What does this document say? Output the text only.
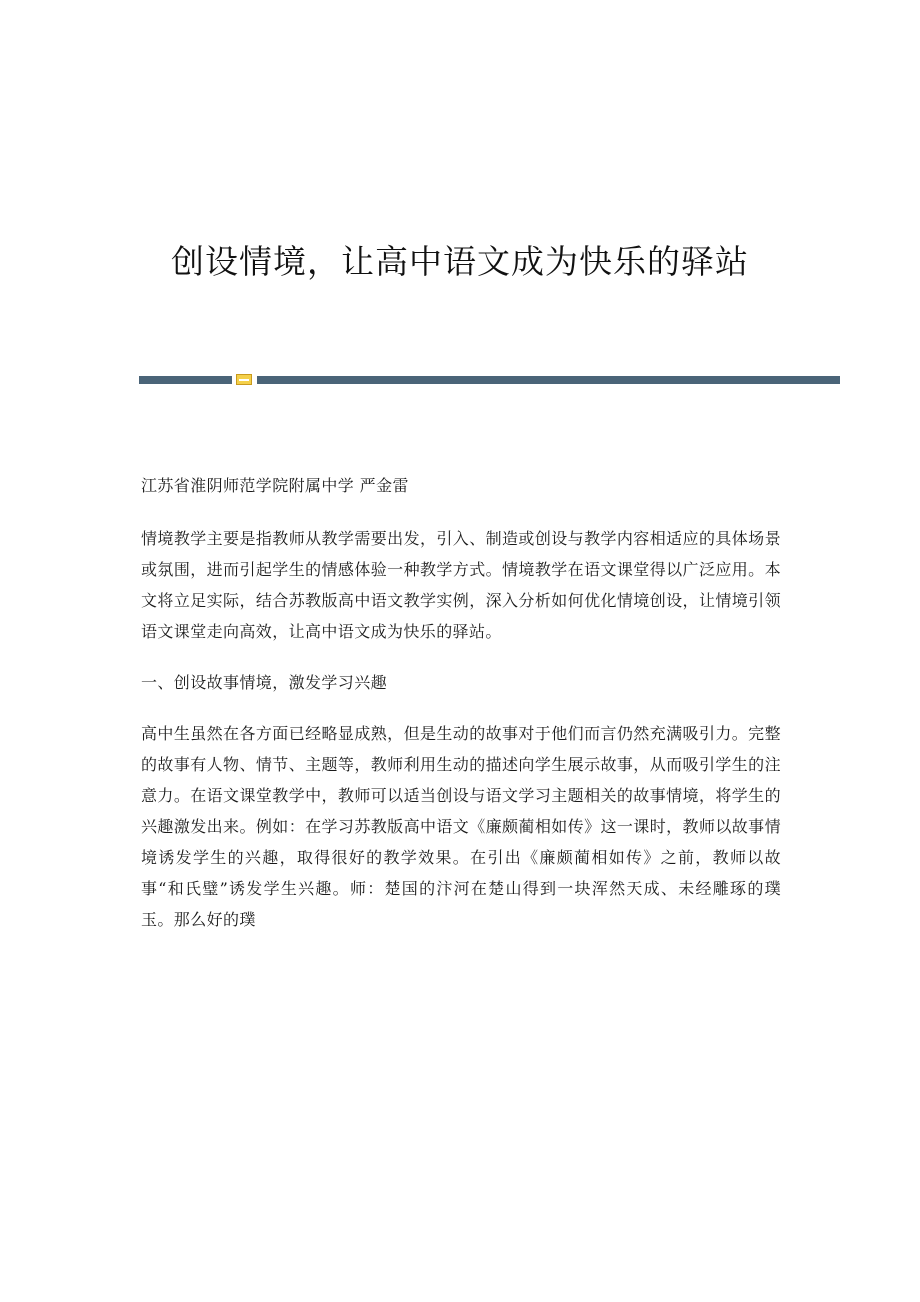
创设情境，让高中语文成为快乐的驿站

江苏省淮阴师范学院附属中学 严金雷

情境教学主要是指教师从教学需要出发，引入、制造或创设与教学内容相适应的具体场景或氛围，进而引起学生的情感体验一种教学方式。情境教学在语文课堂得以广泛应用。本文将立足实际，结合苏教版高中语文教学实例，深入分析如何优化情境创设，让情境引领语文课堂走向高效，让高中语文成为快乐的驿站。

一、创设故事情境，激发学习兴趣

高中生虽然在各方面已经略显成熟，但是生动的故事对于他们而言仍然充满吸引力。完整的故事有人物、情节、主题等，教师利用生动的描述向学生展示故事，从而吸引学生的注意力。在语文课堂教学中，教师可以适当创设与语文学习主题相关的故事情境，将学生的兴趣激发出来。例如：在学习苏教版高中语文《廉颇蔺相如传》这一课时，教师以故事情境诱发学生的兴趣，取得很好的教学效果。在引出《廉颇蔺相如传》之前，教师以故事“和氏璧”诱发学生兴趣。师：楚国的汴河在楚山得到一块浑然天成、未经雕琢的璞玉。那么好的璞
